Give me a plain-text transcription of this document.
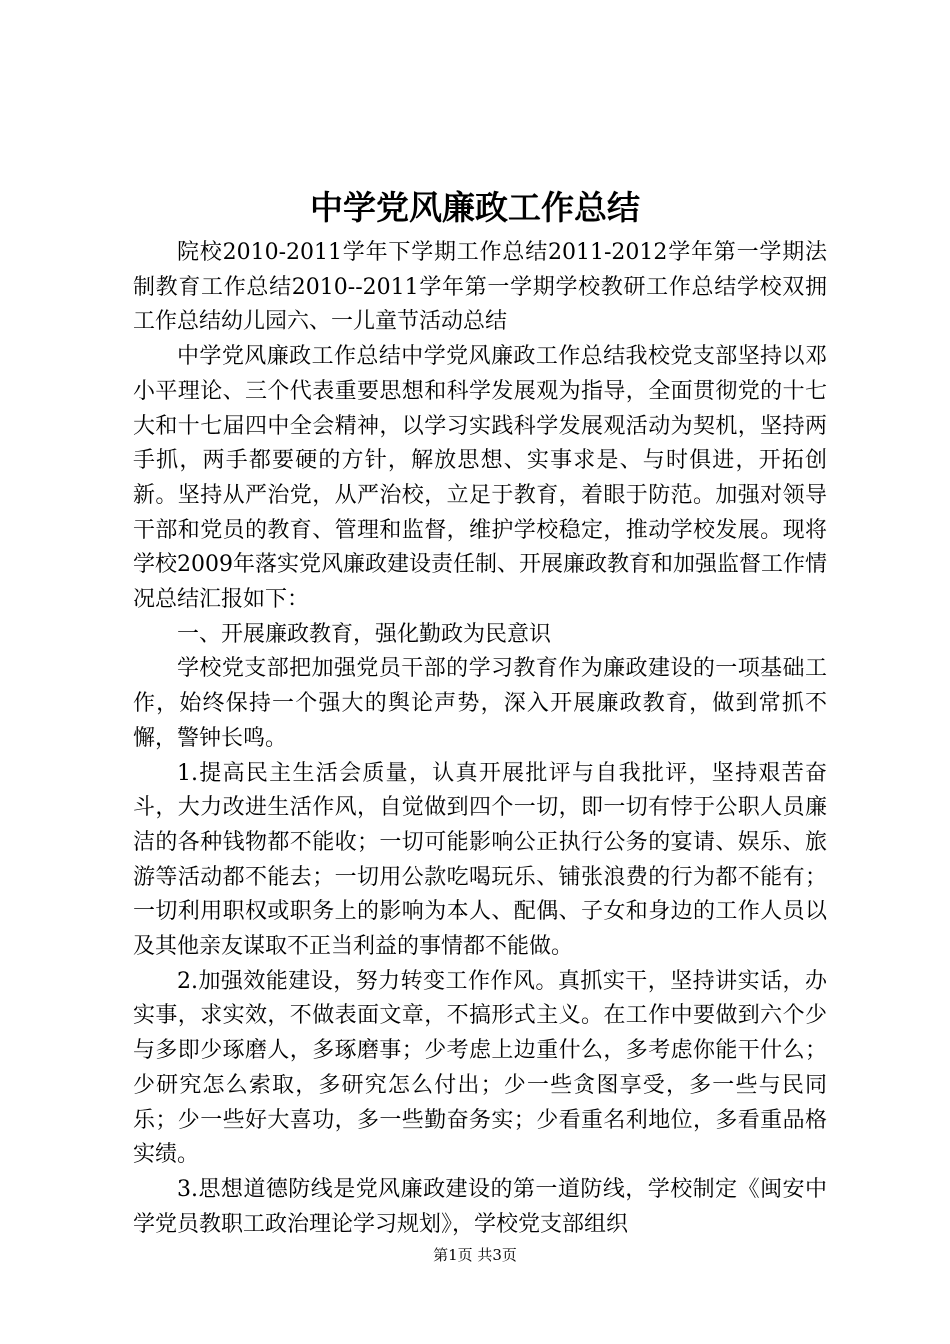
中学党风廉政工作总结

院校2010-2011学年下学期工作总结2011-2012学年第一学期法制教育工作总结2010--2011学年第一学期学校教研工作总结学校双拥工作总结幼儿园六、一儿童节活动总结

中学党风廉政工作总结中学党风廉政工作总结我校党支部坚持以邓小平理论、三个代表重要思想和科学发展观为指导，全面贯彻党的十七大和十七届四中全会精神，以学习实践科学发展观活动为契机，坚持两手抓，两手都要硬的方针，解放思想、实事求是、与时俱进，开拓创新。坚持从严治党，从严治校，立足于教育，着眼于防范。加强对领导干部和党员的教育、管理和监督，维护学校稳定，推动学校发展。现将学校2009年落实党风廉政建设责任制、开展廉政教育和加强监督工作情况总结汇报如下：

一、开展廉政教育，强化勤政为民意识

学校党支部把加强党员干部的学习教育作为廉政建设的一项基础工作，始终保持一个强大的舆论声势，深入开展廉政教育，做到常抓不懈，警钟长鸣。

1.提高民主生活会质量，认真开展批评与自我批评，坚持艰苦奋斗，大力改进生活作风，自觉做到四个一切，即一切有悖于公职人员廉洁的各种钱物都不能收；一切可能影响公正执行公务的宴请、娱乐、旅游等活动都不能去；一切用公款吃喝玩乐、铺张浪费的行为都不能有；一切利用职权或职务上的影响为本人、配偶、子女和身边的工作人员以及其他亲友谋取不正当利益的事情都不能做。

2.加强效能建设，努力转变工作作风。真抓实干，坚持讲实话，办实事，求实效，不做表面文章，不搞形式主义。在工作中要做到六个少与多即少琢磨人，多琢磨事；少考虑上边重什么，多考虑你能干什么；少研究怎么索取，多研究怎么付出；少一些贪图享受，多一些与民同乐；少一些好大喜功，多一些勤奋务实；少看重名利地位，多看重品格实绩。

3.思想道德防线是党风廉政建设的第一道防线，学校制定《闽安中学党员教职工政治理论学习规划》，学校党支部组织

第1页 共3页
